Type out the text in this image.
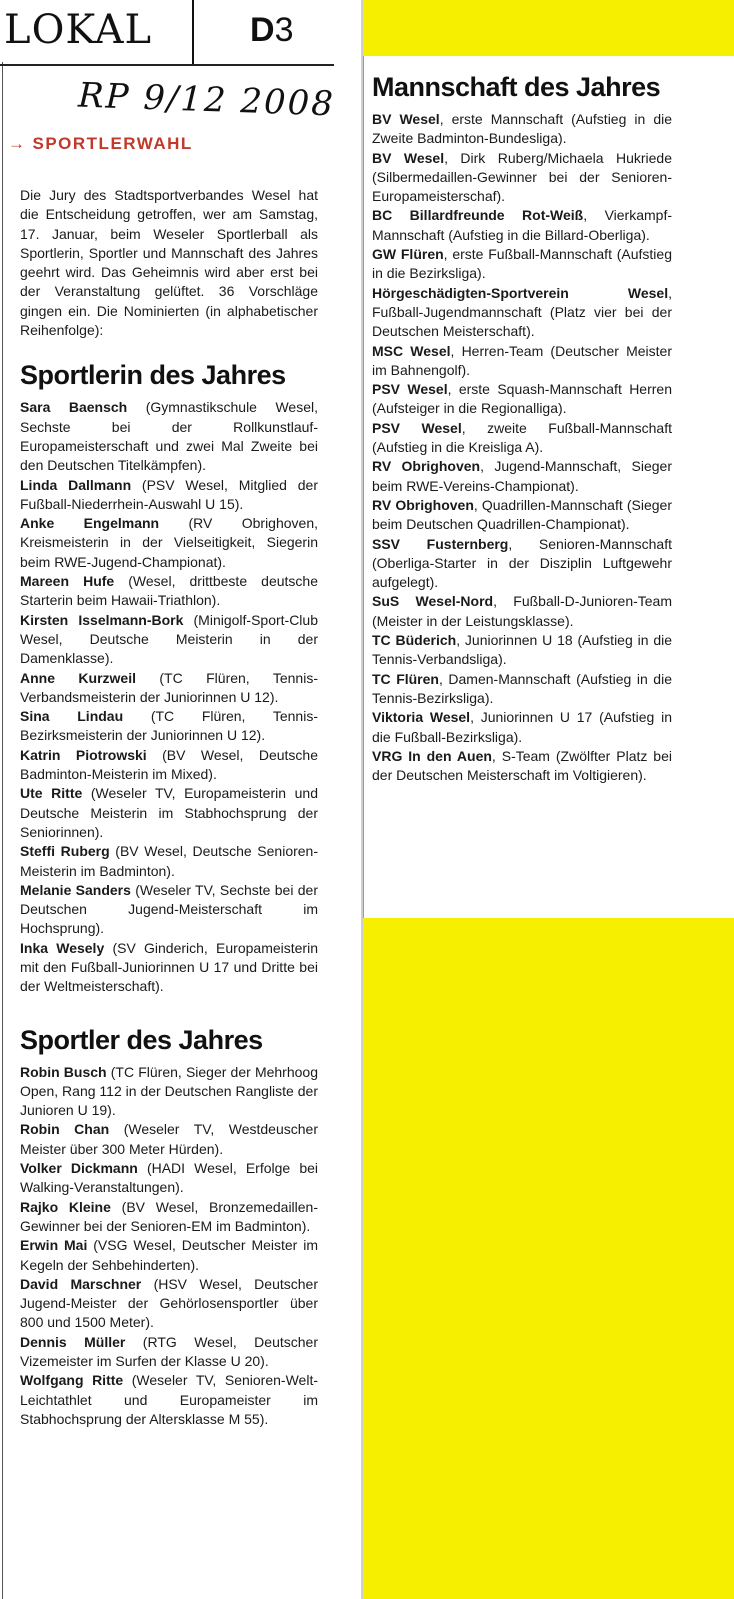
LOKAL	D3
RP 9/12 2008
→ SPORTLERWAHL

Die Jury des Stadtsportverbandes Wesel hat die Entscheidung getroffen, wer am Samstag, 17. Januar, beim Weseler Sportlerball als Sportlerin, Sportler und Mannschaft des Jahres geehrt wird. Das Geheimnis wird aber erst bei der Veranstaltung gelüftet. 36 Vorschläge gingen ein. Die Nominierten (in alphabetischer Reihenfolge):

Sportlerin des Jahres

Sara Baensch (Gymnastikschule Wesel, Sechste bei der Rollkunstlauf-Europameisterschaft und zwei Mal Zweite bei den Deutschen Titelkämpfen).

Linda Dallmann (PSV Wesel, Mitglied der Fußball-Niederrhein-Auswahl U 15).

Anke Engelmann (RV Obrighoven, Kreismeisterin in der Vielseitigkeit, Siegerin beim RWE-Jugend-Championat).

Mareen Hufe (Wesel, drittbeste deutsche Starterin beim Hawaii-Triathlon).

Kirsten Isselmann-Bork (Minigolf-Sport-Club Wesel, Deutsche Meisterin in der Damenklasse).

Anne Kurzweil (TC Flüren, Tennis-Verbandsmeisterin der Juniorinnen U 12).

Sina Lindau (TC Flüren, Tennis-Bezirksmeisterin der Juniorinnen U 12).

Katrin Piotrowski (BV Wesel, Deutsche Badminton-Meisterin im Mixed).

Ute Ritte (Weseler TV, Europameisterin und Deutsche Meisterin im Stabhochsprung der Seniorinnen).

Steffi Ruberg (BV Wesel, Deutsche Senioren-Meisterin im Badminton).

Melanie Sanders (Weseler TV, Sechste bei der Deutschen Jugend-Meisterschaft im Hochsprung).

Inka Wesely (SV Ginderich, Europameisterin mit den Fußball-Juniorinnen U 17 und Dritte bei der Weltmeisterschaft).

Sportler des Jahres

Robin Busch (TC Flüren, Sieger der Mehrhoog Open, Rang 112 in der Deutschen Rangliste der Junioren U 19).

Robin Chan (Weseler TV, Westdeuscher Meister über 300 Meter Hürden).

Volker Dickmann (HADI Wesel, Erfolge bei Walking-Veranstaltungen).

Rajko Kleine (BV Wesel, Bronzemedaillen-Gewinner bei der Senioren-EM im Badminton).

Erwin Mai (VSG Wesel, Deutscher Meister im Kegeln der Sehbehinderten).

David Marschner (HSV Wesel, Deutscher Jugend-Meister der Gehörlosensportler über 800 und 1500 Meter).

Dennis Müller (RTG Wesel, Deutscher Vizemeister im Surfen der Klasse U 20).

Wolfgang Ritte (Weseler TV, Senioren-Welt-Leichtathlet und Europameister im Stabhochsprung der Altersklasse M 55).

Mannschaft des Jahres

BV Wesel, erste Mannschaft (Aufstieg in die Zweite Badminton-Bundesliga).

BV Wesel, Dirk Ruberg/Michaela Hukriede (Silbermedaillen-Gewinner bei der Senioren-Europameisterschaf).

BC Billardfreunde Rot-Weiß, Vierkampf-Mannschaft (Aufstieg in die Billard-Oberliga).

GW Flüren, erste Fußball-Mannschaft (Aufstieg in die Bezirksliga).

Hörgeschädigten-Sportverein Wesel, Fußball-Jugendmannschaft (Platz vier bei der Deutschen Meisterschaft).

MSC Wesel, Herren-Team (Deutscher Meister im Bahnengolf).

PSV Wesel, erste Squash-Mannschaft Herren (Aufsteiger in die Regionalliga).

PSV Wesel, zweite Fußball-Mannschaft (Aufstieg in die Kreisliga A).

RV Obrighoven, Jugend-Mannschaft, Sieger beim RWE-Vereins-Championat).

RV Obrighoven, Quadrillen-Mannschaft (Sieger beim Deutschen Quadrillen-Championat).

SSV Fusternberg, Senioren-Mannschaft (Oberliga-Starter in der Disziplin Luftgewehr aufgelegt).

SuS Wesel-Nord, Fußball-D-Junioren-Team (Meister in der Leistungsklasse).

TC Büderich, Juniorinnen U 18 (Aufstieg in die Tennis-Verbandsliga).

TC Flüren, Damen-Mannschaft (Aufstieg in die Tennis-Bezirksliga).

Viktoria Wesel, Juniorinnen U 17 (Aufstieg in die Fußball-Bezirksliga).

VRG In den Auen, S-Team (Zwölfter Platz bei der Deutschen Meisterschaft im Voltigieren).
